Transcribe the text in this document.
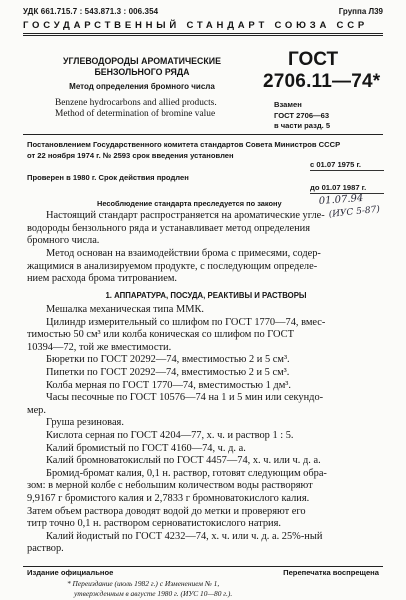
УДК 661.715.7 : 543.871.3 : 006.354	Группа Л39
ГОСУДАРСТВЕННЫЙ СТАНДАРТ СОЮЗА ССР
УГЛЕВОДОРОДЫ АРОМАТИЧЕСКИЕ
БЕНЗОЛЬНОГО РЯДА
Метод определения бромного числа
Benzene hydrocarbons and allied products.
Method of determination of bromine value
ГОСТ
2706.11—74*
Взамен
ГОСТ 2706—63
в части разд. 5
Постановлением Государственного комитета стандартов Совета Министров СССР
от 22 ноября 1974 г. № 2593 срок введения установлен
с 01.07 1975 г.
Проверен в 1980 г. Срок действия продлен
до 01.07 1987 г.
Несоблюдение стандарта преследуется по закону	01.07.94
(ИУС 5-87)

Настоящий стандарт распространяется на ароматические угле-
водороды бензольного ряда и устанавливает метод определения
бромного числа.

Метод основан на взаимодействии брома с примесями, содер-
жащимися в анализируемом продукте, с последующим определе-
нием расхода брома титрованием.

1. АППАРАТУРА, ПОСУДА, РЕАКТИВЫ И РАСТВОРЫ
Мешалка механическая типа ММК.
Цилиндр измерительный со шлифом по ГОСТ 1770—74, вмес-
тимостью 50 см³ или колба коническая со шлифом по ГОСТ
10394—72, той же вместимости.
Бюретки по ГОСТ 20292—74, вместимостью 2 и 5 см³.
Пипетки по ГОСТ 20292—74, вместимостью 2 и 5 см³.
Колба мерная по ГОСТ 1770—74, вместимостью 1 дм³.
Часы песочные по ГОСТ 10576—74 на 1 и 5 мин или секундо-
мер.
Груша резиновая.
Кислота серная по ГОСТ 4204—77, х. ч. и раствор 1 : 5.
Калий бромистый по ГОСТ 4160—74, ч. д. а.
Калий бромноватокислый по ГОСТ 4457—74, х. ч. или ч. д. а.
Бромид-бромат калия, 0,1 н. раствор, готовят следующим обра-
зом: в мерной колбе с небольшим количеством воды растворяют
9,9167 г бромистого калия и 2,7833 г бромноватокислого калия.
Затем объем раствора доводят водой до метки и проверяют его
титр точно 0,1 н. раствором серноватистокислого натрия.
Калий йодистый по ГОСТ 4232—74, х. ч. или ч. д. а. 25%-ный
раствор.
Издание официальное	Перепечатка воспрещена
* Переиздание (июль 1982 г.) с Изменением № 1,
утвержденным в августе 1980 г. (ИУС 10—80 г.).
